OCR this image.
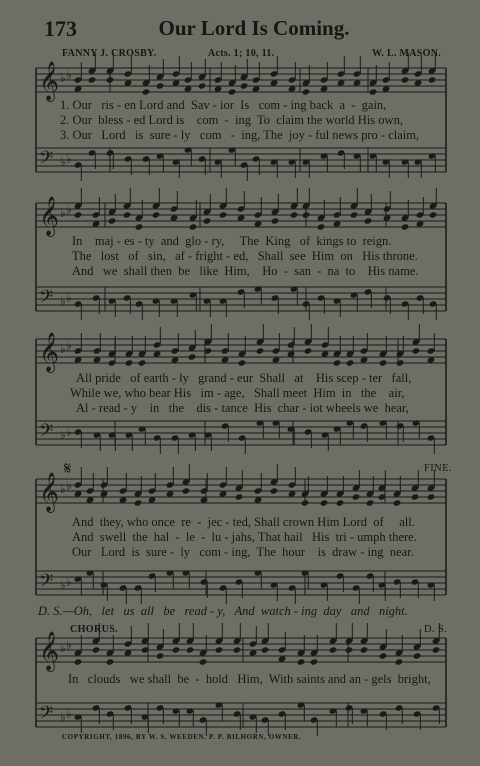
173	Our Lord Is Coming.
FANNY J. CROSBY.	Acts. 1; 10, 11.	W. L. MASON.
𝄞 ♭ ♭
𝄢 ♭ ♭
𝄞 ♭ ♭
𝄢 ♭ ♭
𝄞 ♭ ♭
𝄢 ♭ ♭
𝄞 ♭ ♭
𝄢 ♭ ♭
𝄞 ♭ ♭
𝄢 ♭ ♭
1. Our   ris - en Lord and  Sav - ior  Is   com - ing back  a  -  gain,
2. Our  bless - ed Lord is    com  -  ing  To  claim the world His own,
3. Our   Lord   is  sure - ly   com   -  ing, The  joy - ful news pro - claim,
In    maj - es - ty  and  glo - ry,     The  King   of  kings to  reign.
The   lost   of   sin,   af - fright - ed,   Shall  see  Him  on   His throne.
And   we  shall then  be   like  Him,    Ho  -  san  -  na  to    His name.
All pride   of earth - ly   grand - eur  Shall   at    His scep - ter   fall,
While we, who bear His   im - age,   Shall meet  Him  in   the    air,
Al - read - y    in   the    dis - tance  His  char - iot wheels we  hear,
And  they, who once  re  -  jec - ted, Shall crown Him Lord  of     all.
And  swell  the  hal  -  le  -  lu - jahs, That hail   His  tri - umph there.
Our   Lord  is  sure -  ly   com - ing,  The  hour    is  draw - ing  near.
𝄋	FINE.
D. S.—Oh,   let   us  all   be   read - y,   And  watch - ing  day   and   night.
CHORUS.	D. S.
In   clouds   we shall  be  -  hold   Him,  With saints and an - gels  bright,
COPYRIGHT, 1896, BY W. S. WEEDEN. P. P. BILHORN, OWNER.
